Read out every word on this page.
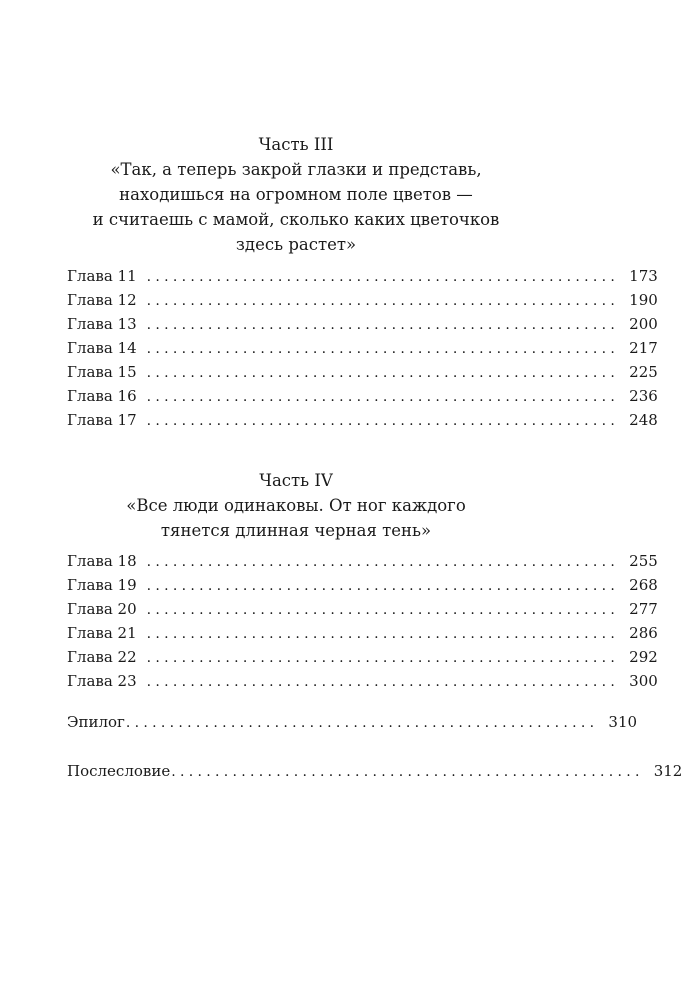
Часть III
«Так, а теперь закрой глазки и представь,
находишься на огромном поле цветов —
и считаешь с мамой, сколько каких цветочков
здесь растет»
Глава 11 ...................................................... 173
Глава 12 ...................................................... 190
Глава 13 ...................................................... 200
Глава 14 ...................................................... 217
Глава 15 ...................................................... 225
Глава 16 ...................................................... 236
Глава 17 ...................................................... 248
Часть IV
«Все люди одинаковы. От ног каждого
тянется длинная черная тень»
Глава 18 ...................................................... 255
Глава 19 ...................................................... 268
Глава 20 ...................................................... 277
Глава 21 ...................................................... 286
Глава 22 ...................................................... 292
Глава 23 ...................................................... 300
Эпилог ...................................................... 310
Послесловие ...................................................... 312
